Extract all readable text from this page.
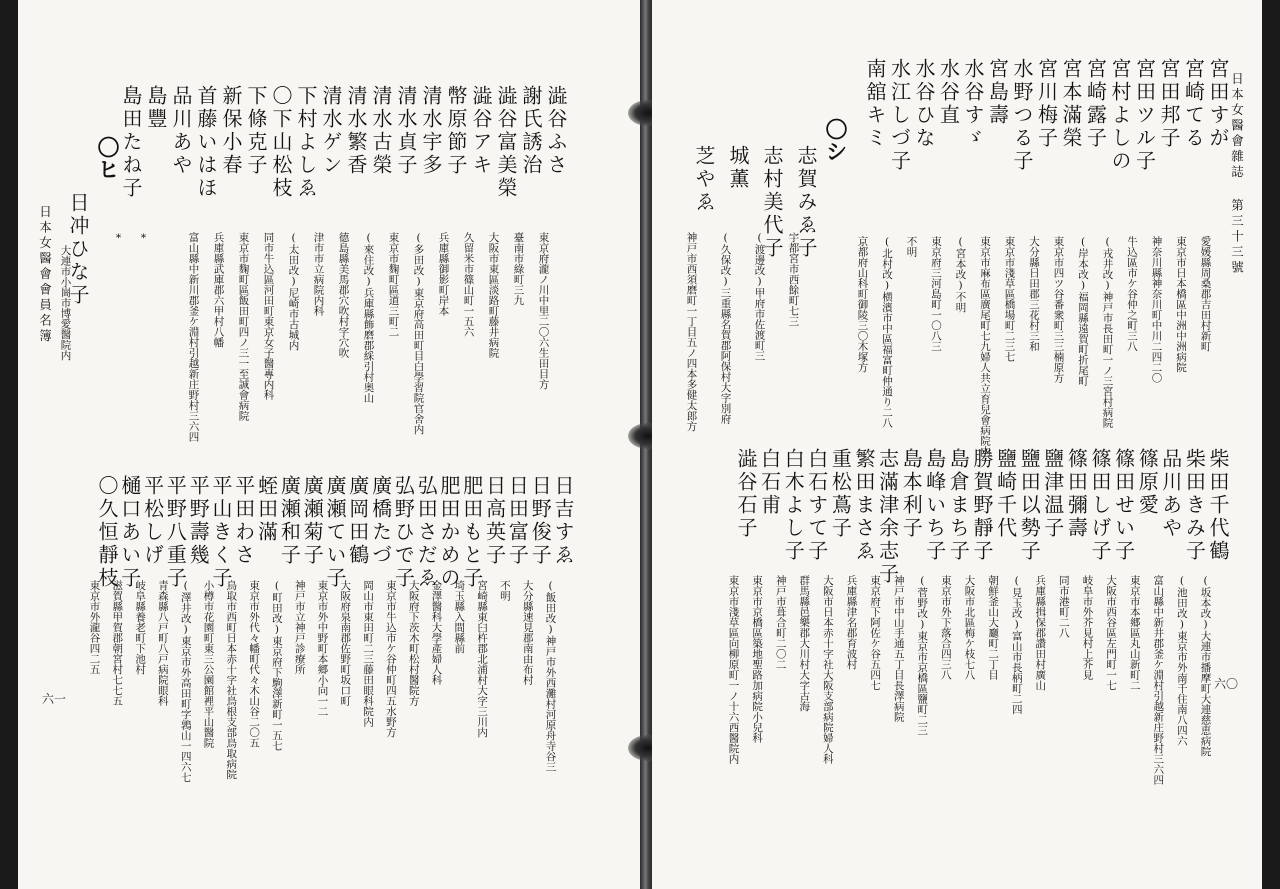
日本女醫會會員名簿
六一
澁谷ふさ
東京府瀧ノ川中里二〇六生田目方
謝氏誘治
臺南市綠町三九
澁谷富美榮
大阪市東區淡路町藤井病院
澁谷アキ
久留米市篠山町一五六
幣原節子
兵庫縣御影町岸本
清水宇多
(多田改)東京府高田町目白學習院官舍内
清水貞子
東京市麴町區道三町二
清水古榮
(來住改)兵庫縣飾磨郡綵引村奥山
清水繁香
德島縣美馬郡穴吹村字穴吹
清水ゲン
津市市立病院内科
下村よしゑ
(太田改)尼崎市古城内
〇下山松枝
同市牛込區河田町東京女子醫專内科
下條克子
東京市麴町區飯田町四ノ三一至誠會病院
新保小春
兵庫縣武庫郡六甲村八幡
首藤いはほ
富山縣中新川郡釜ケ淵村引越新庄野村三六四
品川あや
島豐
*
島田たね子
*
〇ヒ
日冲ひな子
大連市小崗市博愛醫院内
日吉すゑ
(飯田改)神戸市外西灘村河原舟寺谷三
日野俊子
大分縣速見郡南由布村
日田富子
不明
日高英子
宮崎縣東臼杵郡北浦村大字三川内
肥田もと子
埼玉縣入間縣前
肥田かめの
金澤醫科大學產婦人科
弘田さだゑ
大阪府下茨木町松村醫院方
弘野ひで子
東京市牛込市ケ谷仲町四五水野方
廣橋たづ
岡山市東田町二三藤田眼科院内
廣岡田鶴
大阪府泉南郡佐野町坂口町
廣瀬てい子
東京市外中野町本郷小向一二
廣瀬菊子
神戸市立神戸診療所
廣瀬和子
(町田改)東京府下駒澤新町一五七
蛭田滿
東京市外代々幡町代々木山谷二〇五
平田わさ
鳥取市西町日本赤十字社鳥根支部鳥取病院
平山きく子
小樽市花園町東三公園館裡平山醫院
平野壽幾
(澤井改)東京市外高田町字鶉山一四六七
平野八重子
青森縣八戸町八戸病院眼科
平松しげ
岐阜縣養老町下池村
樋口あい子
滋賀縣甲賀郡朝宮村七七五
〇久恒靜枝
東京市外瀧谷四二五
日本女醫會雜誌 第三十三號
六〇
宮田すが
愛媛縣周桑郡吉田村新町
宮崎てる
東京市日本橋區中洲中洲病院
宮田邦子
神奈川縣神奈川町中川二四二〇
宮田ツル子
牛込區市ケ谷仲之町三八
宮村よしの
(戎井改)神戸市長田町一ノ三宮村病院
宮崎露子
(岸本改)福岡縣遠賀町折尾町
宮本滿榮
東京市四ツ谷番衆町三三楠原方
宮川梅子
大分縣日田郡三花村三和
水野つる子
東京市淺草區橋場町二三七
宮島壽
東京市麻布區廣尾町七九婦人共立育兒會病院内
水谷すゞ
(宮本改)不明
水谷直
東京府三河島町一〇八三
水谷ひな
不明
水江しづ子
(北村改)横濱市中區福富町仲通り二八
南舘キミ
京都府山科町御陵三〇木塚方
〇シ
志賀みゑ子
宇都宮市西餘町七三
志村美代子
(渡邊改)甲府市佐渡町三
城薫
(久保改)三重縣名賀郡阿保村大字別府
芝やゑ
神戸市西須磨町一丁目五ノ四本多健太郎方
柴田千代鶴
(坂本改)大連市播摩町大連慈恵病院
柴田きみ子
(池田改)東京市外南千住南八四六
品川あや
富山縣中新井郡釜ケ淵村引越新庄野村三六四
篠原愛
東京市本郷區丸山新町二
篠田せい子
大阪市西谷區左門町一七
篠田しげ子
岐阜市外芥見村上芥見
篠田彌壽
同市港町二八
鹽津温子
兵庫縣揖保郡讚田村廣山
鹽田以勢子
(見玉改)富山市長柄町二四
鹽崎千代
朝鮮釜山大廳町二丁目
勝賀野靜子
大阪市北區梅ケ枝七八
島倉まち子
東京市外下落合四三八
島峰いち子
(菅野改)東京市京橋區鹽町二三
島本利子
神戸市中山手通五丁目長澤病院
志滿津余志子
東京府下阿佐ケ谷五四七
繁田まさゑ
兵庫縣津名郡育波村
重松蔦子
大阪市日本赤十字社大阪支部病院婦人科
白石すて子
群馬縣邑樂郡大川村大字古海
白木よし子
神戸市葺合町二〇二
白石甫
東京市京橋區築地聖路加病院小兒科
澁谷石子
東京市淺草區向柳原町一ノ十六西醫院内
